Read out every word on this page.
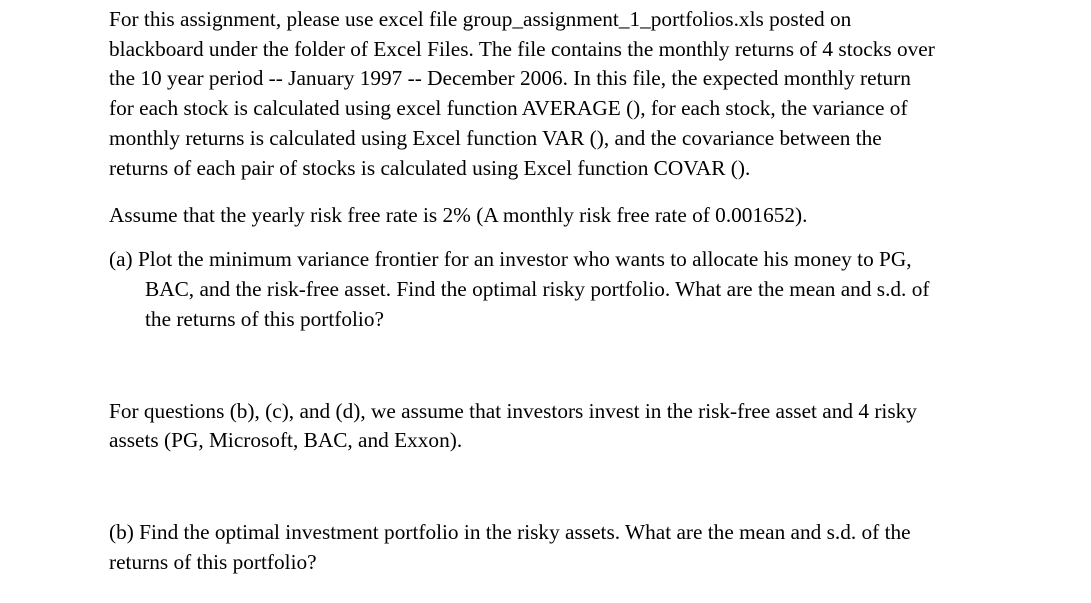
For this assignment, please use excel file group_assignment_1_portfolios.xls posted on
blackboard under the folder of Excel Files. The file contains the monthly returns of 4 stocks over
the 10 year period -- January 1997 -- December 2006. In this file, the expected monthly return
for each stock is calculated using excel function AVERAGE (), for each stock, the variance of
monthly returns is calculated using Excel function VAR (), and the covariance between the
returns of each pair of stocks is calculated using Excel function COVAR ().
Assume that the yearly risk free rate is 2% (A monthly risk free rate of 0.001652).
(a) Plot the minimum variance frontier for an investor who wants to allocate his money to PG,
BAC, and the risk-free asset. Find the optimal risky portfolio. What are the mean and s.d. of
the returns of this portfolio?
For questions (b), (c), and (d), we assume that investors invest in the risk-free asset and 4 risky
assets (PG, Microsoft, BAC, and Exxon).
(b) Find the optimal investment portfolio in the risky assets. What are the mean and s.d. of the
returns of this portfolio?
